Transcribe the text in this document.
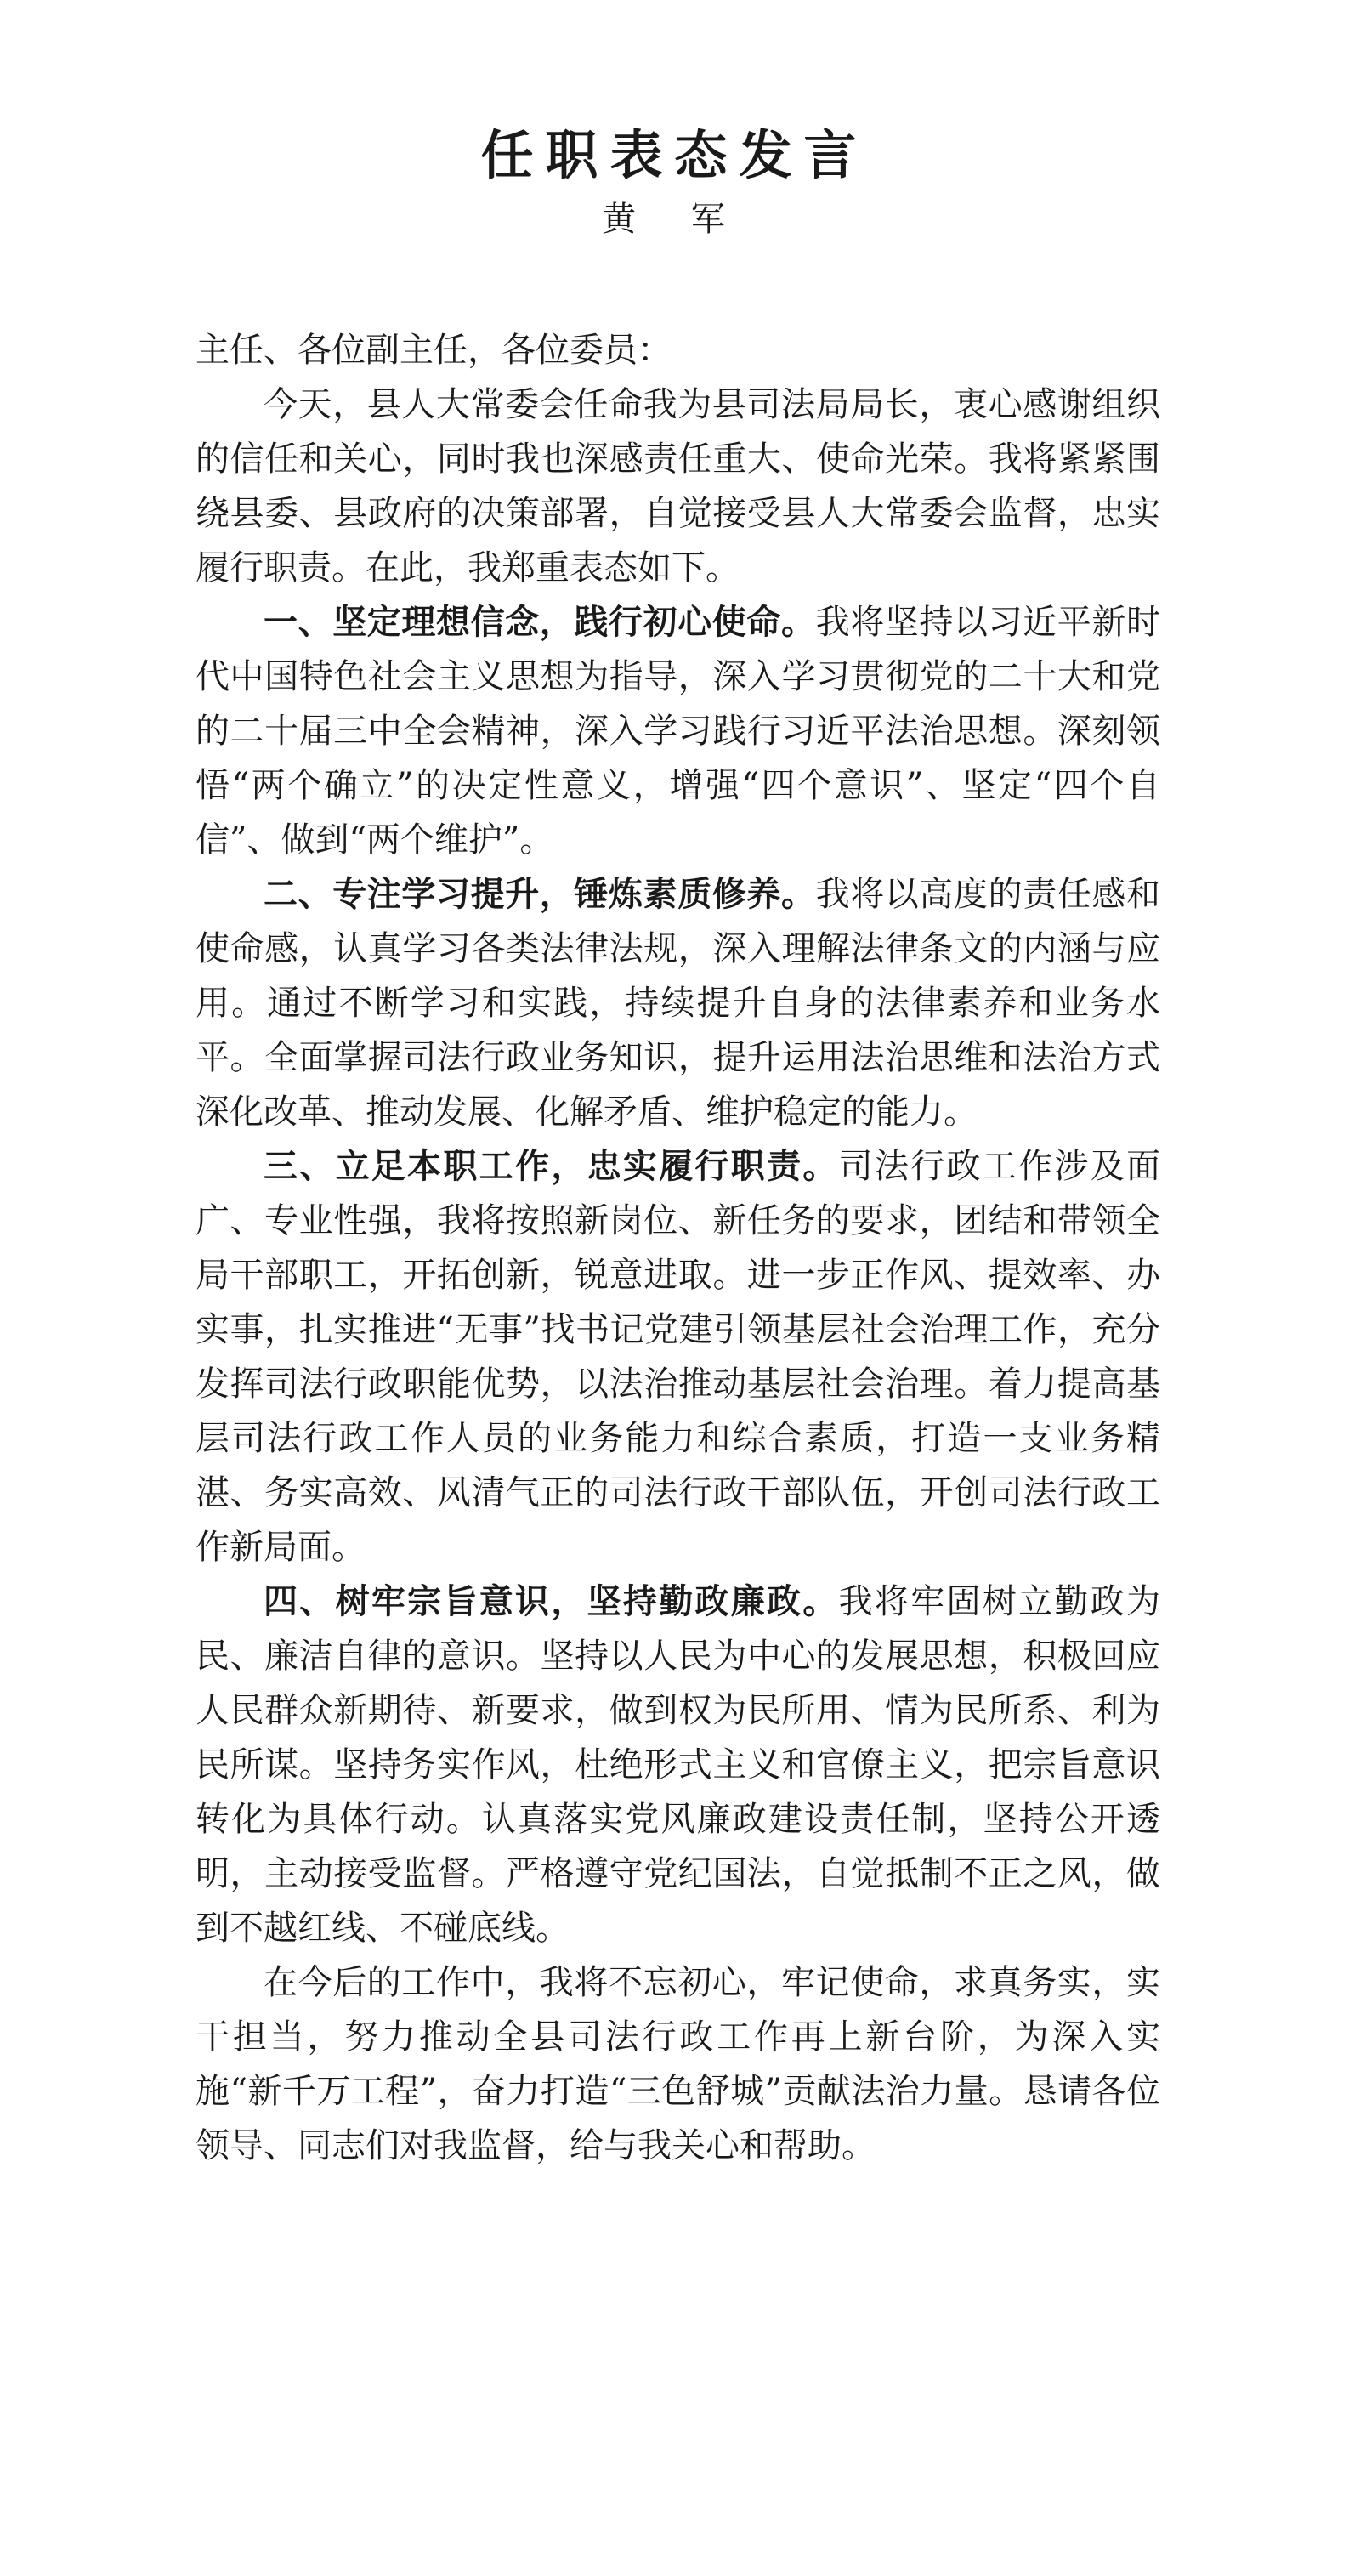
任职表态发言
黄 军

主任、各位副主任，各位委员：

今天，县人大常委会任命我为县司法局局长，衷心感谢组织的信任和关心，同时我也深感责任重大、使命光荣。我将紧紧围绕县委、县政府的决策部署，自觉接受县人大常委会监督，忠实履行职责。在此，我郑重表态如下。

一、坚定理想信念，践行初心使命。我将坚持以习近平新时代中国特色社会主义思想为指导，深入学习贯彻党的二十大和党的二十届三中全会精神，深入学习践行习近平法治思想。深刻领悟“两个确立”的决定性意义，增强“四个意识”、坚定“四个自信”、做到“两个维护”。

二、专注学习提升，锤炼素质修养。我将以高度的责任感和使命感，认真学习各类法律法规，深入理解法律条文的内涵与应用。通过不断学习和实践，持续提升自身的法律素养和业务水平。全面掌握司法行政业务知识，提升运用法治思维和法治方式深化改革、推动发展、化解矛盾、维护稳定的能力。

三、立足本职工作，忠实履行职责。司法行政工作涉及面广、专业性强，我将按照新岗位、新任务的要求，团结和带领全局干部职工，开拓创新，锐意进取。进一步正作风、提效率、办实事，扎实推进“无事”找书记党建引领基层社会治理工作，充分发挥司法行政职能优势，以法治推动基层社会治理。着力提高基层司法行政工作人员的业务能力和综合素质，打造一支业务精湛、务实高效、风清气正的司法行政干部队伍，开创司法行政工作新局面。

四、树牢宗旨意识，坚持勤政廉政。我将牢固树立勤政为民、廉洁自律的意识。坚持以人民为中心的发展思想，积极回应人民群众新期待、新要求，做到权为民所用、情为民所系、利为民所谋。坚持务实作风，杜绝形式主义和官僚主义，把宗旨意识转化为具体行动。认真落实党风廉政建设责任制，坚持公开透明，主动接受监督。严格遵守党纪国法，自觉抵制不正之风，做到不越红线、不碰底线。

在今后的工作中，我将不忘初心，牢记使命，求真务实，实干担当，努力推动全县司法行政工作再上新台阶，为深入实施“新千万工程”，奋力打造“三色舒城”贡献法治力量。恳请各位领导、同志们对我监督，给与我关心和帮助。
